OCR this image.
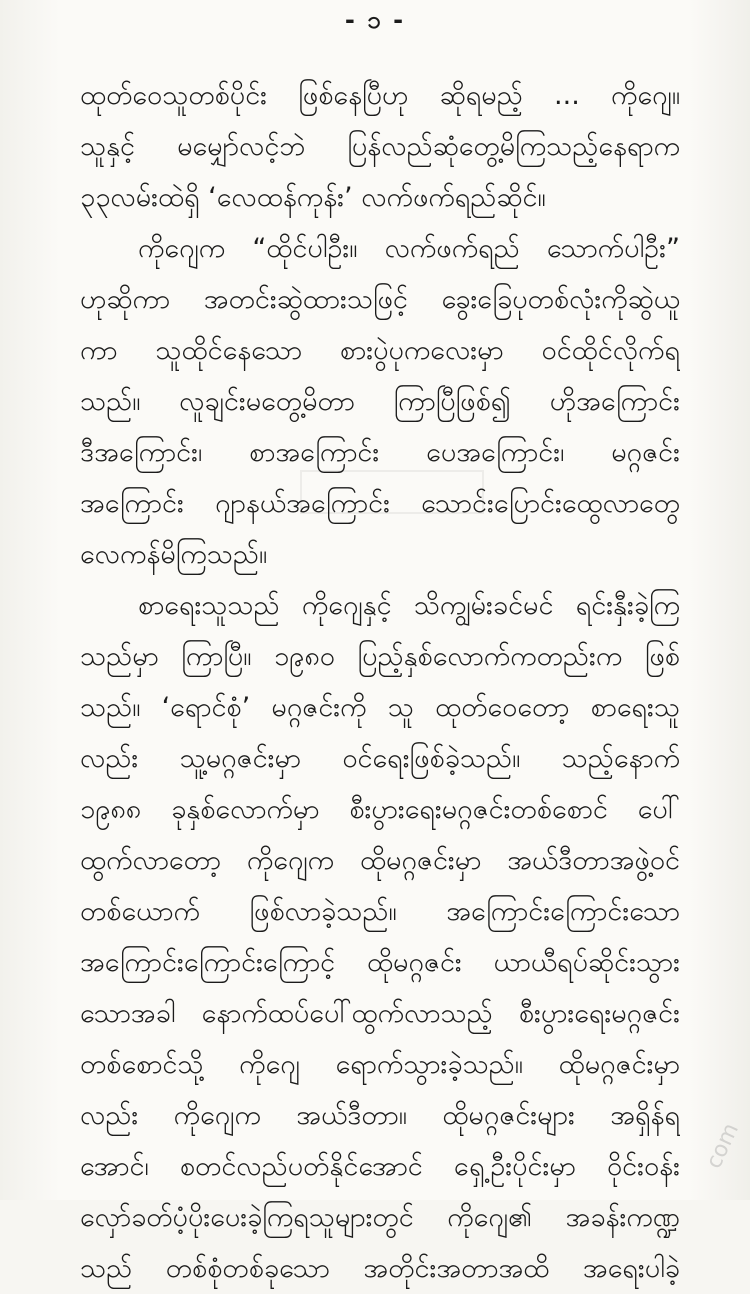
- ၁ -
ထုတ်ဝေသူတစ်ပိုင်း ဖြစ်နေပြီဟု ဆိုရမည့် ... ကိုဂျေ။
သူနှင့် မမျှော်လင့်ဘဲ ပြန်လည်ဆုံတွေ့မိကြသည့်နေရာက
၃၃လမ်းထဲရှိ ‘လေထန်ကုန်း’ လက်ဖက်ရည်ဆိုင်။
ကိုဂျေက “ထိုင်ပါဦး။ လက်ဖက်ရည် သောက်ပါဦး”
ဟုဆိုကာ အတင်းဆွဲထားသဖြင့် ခွေးခြေပုတစ်လုံးကိုဆွဲယူ
ကာ သူထိုင်နေသော စားပွဲပုကလေးမှာ ဝင်ထိုင်လိုက်ရ
သည်။ လူချင်းမတွေ့မိတာ ကြာပြီဖြစ်၍ ဟိုအကြောင်း
ဒီအကြောင်း၊ စာအကြောင်း ပေအကြောင်း၊ မဂ္ဂဇင်း
အကြောင်း ဂျာနယ်အကြောင်း သောင်းပြောင်းထွေလာတွေ
လေကန်မိကြသည်။
စာရေးသူသည် ကိုဂျေနှင့် သိကျွမ်းခင်မင် ရင်းနှီးခဲ့ကြ
သည်မှာ ကြာပြီ။ ၁၉၈၀ ပြည့်နှစ်လောက်ကတည်းက ဖြစ်
သည်။ ‘ရောင်စုံ’ မဂ္ဂဇင်းကို သူ ထုတ်ဝေတော့ စာရေးသူ
လည်း သူ့မဂ္ဂဇင်းမှာ ဝင်ရေးဖြစ်ခဲ့သည်။ သည့်နောက်
၁၉၈၈ ခုနှစ်လောက်မှာ စီးပွားရေးမဂ္ဂဇင်းတစ်စောင် ပေါ်
ထွက်လာတော့ ကိုဂျေက ထိုမဂ္ဂဇင်းမှာ အယ်ဒီတာအဖွဲ့ဝင်
တစ်ယောက် ဖြစ်လာခဲ့သည်။ အကြောင်းကြောင်းသော
အကြောင်းကြောင်းကြောင့် ထိုမဂ္ဂဇင်း ယာယီရပ်ဆိုင်းသွား
သောအခါ နောက်ထပ်ပေါ်ထွက်လာသည့် စီးပွားရေးမဂ္ဂဇင်း
တစ်စောင်သို့ ကိုဂျေ ရောက်သွားခဲ့သည်။ ထိုမဂ္ဂဇင်းမှာ
လည်း ကိုဂျေက အယ်ဒီတာ။ ထိုမဂ္ဂဇင်းများ အရှိန်ရ
အောင်၊ စတင်လည်ပတ်နိုင်အောင် ရှေ့ဦးပိုင်းမှာ ဝိုင်းဝန်း
လှော်ခတ်ပံ့ပိုးပေးခဲ့ကြရသူများတွင် ကိုဂျေ၏ အခန်းကဏ္ဍ
သည် တစ်စုံတစ်ခုသော အတိုင်းအတာအထိ အရေးပါခဲ့
com
